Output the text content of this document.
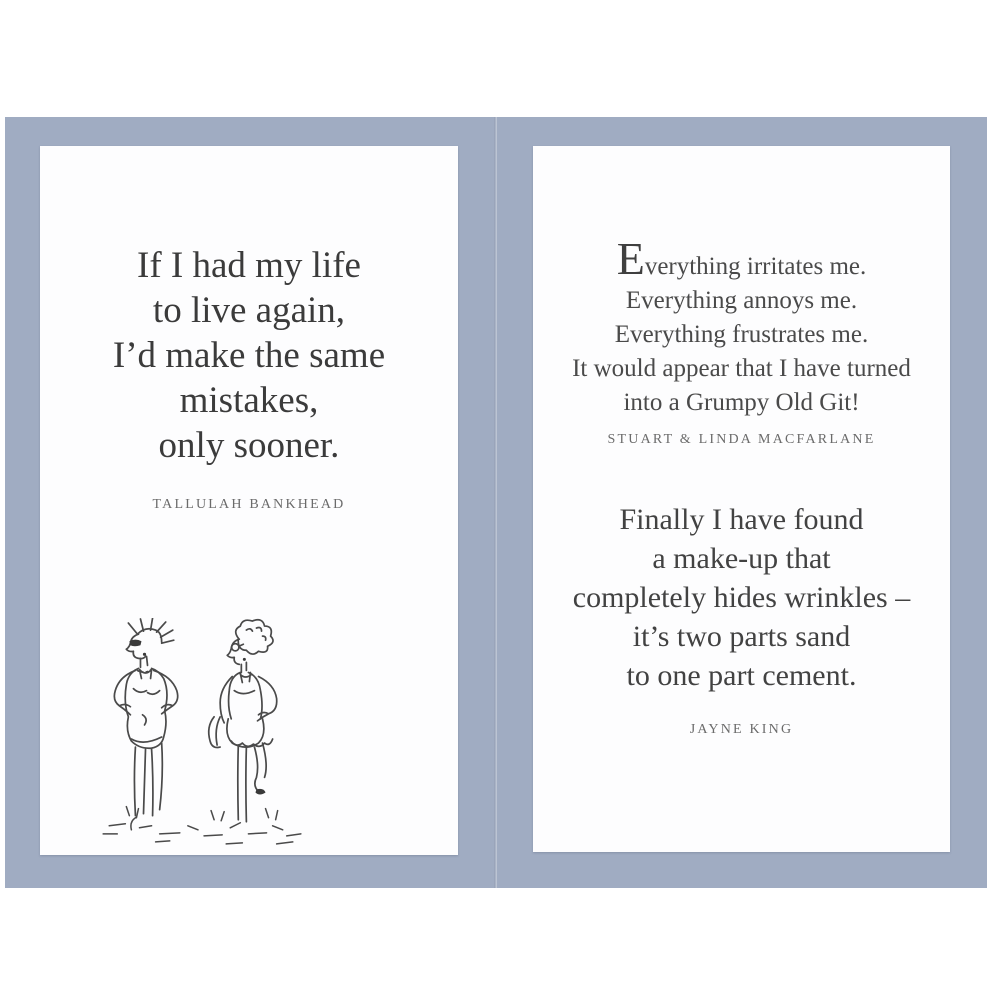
If I had my life
to live again,
I’d make the same
mistakes,
only sooner.
TALLULAH BANKHEAD
Everything irritates me.
Everything annoys me.
Everything frustrates me.
It would appear that I have turned
into a Grumpy Old Git!
STUART & LINDA MACFARLANE
Finally I have found
a make-up that
completely hides wrinkles –
it’s two parts sand
to one part cement.
JAYNE KING
